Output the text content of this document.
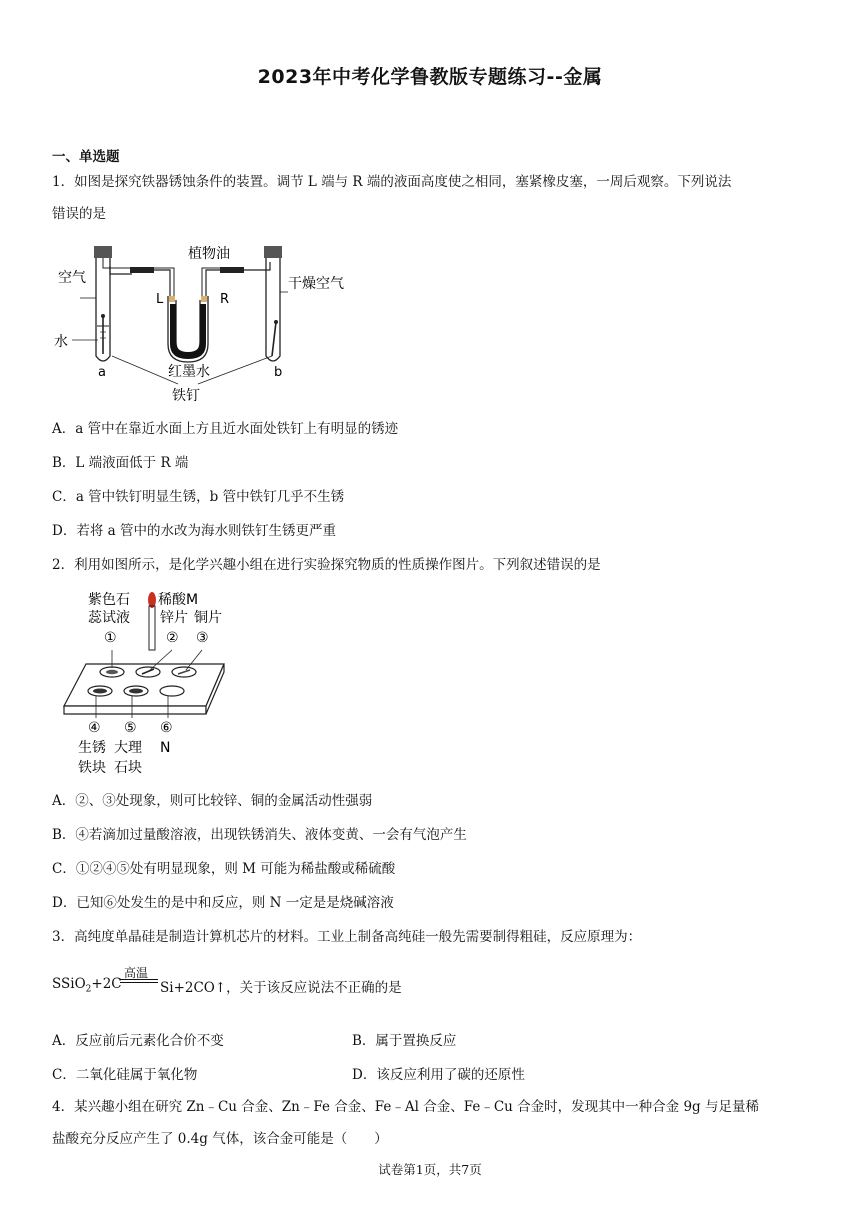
2023年中考化学鲁教版专题练习--金属
一、单选题
1．如图是探究铁器锈蚀条件的装置。调节 L 端与 R 端的液面高度使之相同，塞紧橡皮塞，一周后观察。下列说法
错误的是
空气
水
植物油
L	R
干燥空气
红墨水
铁钉
a	b
A．a 管中在靠近水面上方且近水面处铁钉上有明显的锈迹
B．L 端液面低于 R 端
C．a 管中铁钉明显生锈，b 管中铁钉几乎不生锈
D．若将 a 管中的水改为海水则铁钉生锈更严重
2．利用如图所示，是化学兴趣小组在进行实验探究物质的性质操作图片。下列叙述错误的是
紫色石
蕊试液
①
稀酸M
锌片 铜片
② ③
④ ⑤ ⑥
生锈
铁块
大理
石块
N
A．②、③处现象，则可比较锌、铜的金属活动性强弱
B．④若滴加过量酸溶液，出现铁锈消失、液体变黄、一会有气泡产生
C．①②④⑤处有明显现象，则 M 可能为稀盐酸或稀硫酸
D．已知⑥处发生的是中和反应，则 N 一定是是烧碱溶液
3．高纯度单晶硅是制造计算机芯片的材料。工业上制备高纯硅一般先需要制得粗硅，反应原理为：
SSiO$_2$+2C
高温
Si+2CO↑，关于该反应说法不正确的是
A．反应前后元素化合价不变	B．属于置换反应
C．二氧化硅属于氧化物	D．该反应利用了碳的还原性
4．某兴趣小组在研究 Zn﹣Cu 合金、Zn﹣Fe 合金、Fe﹣Al 合金、Fe﹣Cu 合金时，发现其中一种合金 9g 与足量稀
盐酸充分反应产生了 0.4g 气体，该合金可能是（　　）
试卷第1页，共7页
